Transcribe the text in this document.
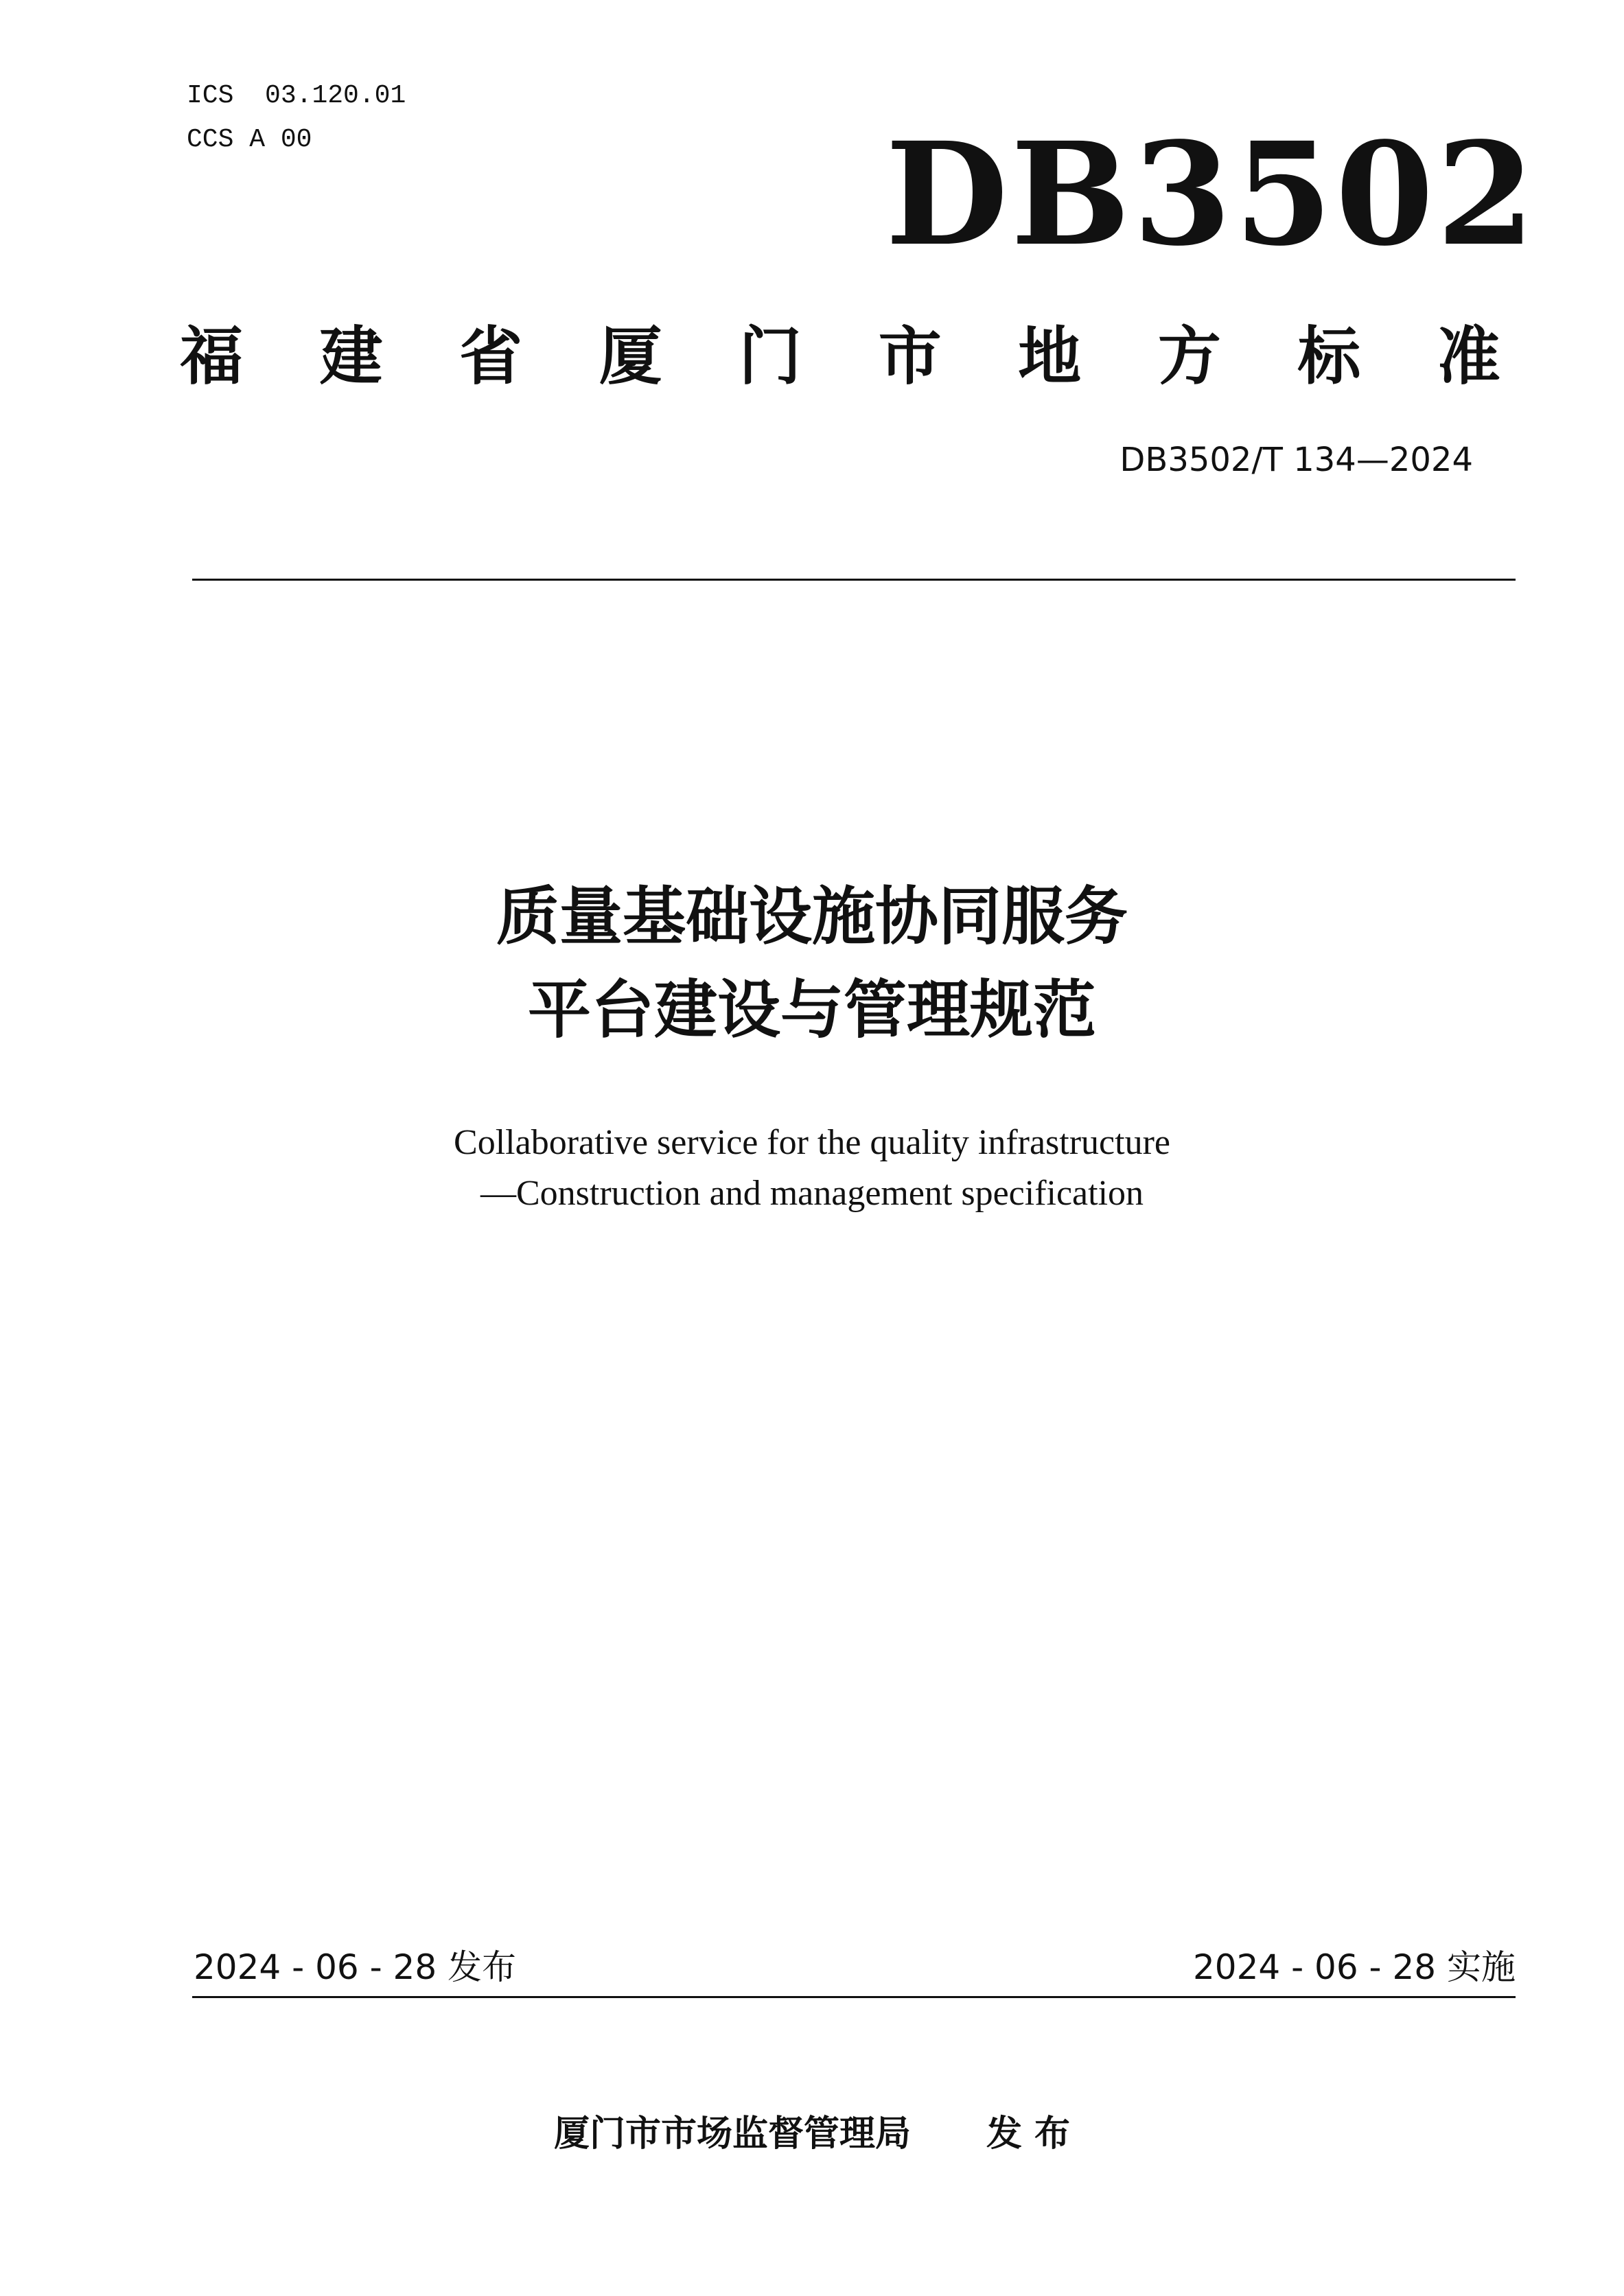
ICS 03.120.01
CCS A 00	DB3502
福 建 省 厦 门 市 地 方 标 准
DB3502/T 134—2024
质量基础设施协同服务
平台建设与管理规范
Collaborative service for the quality infrastructure
—Construction and management specification
2024 - 06 - 28 发布	2024 - 06 - 28 实施
厦门市市场监督管理局 发 布
